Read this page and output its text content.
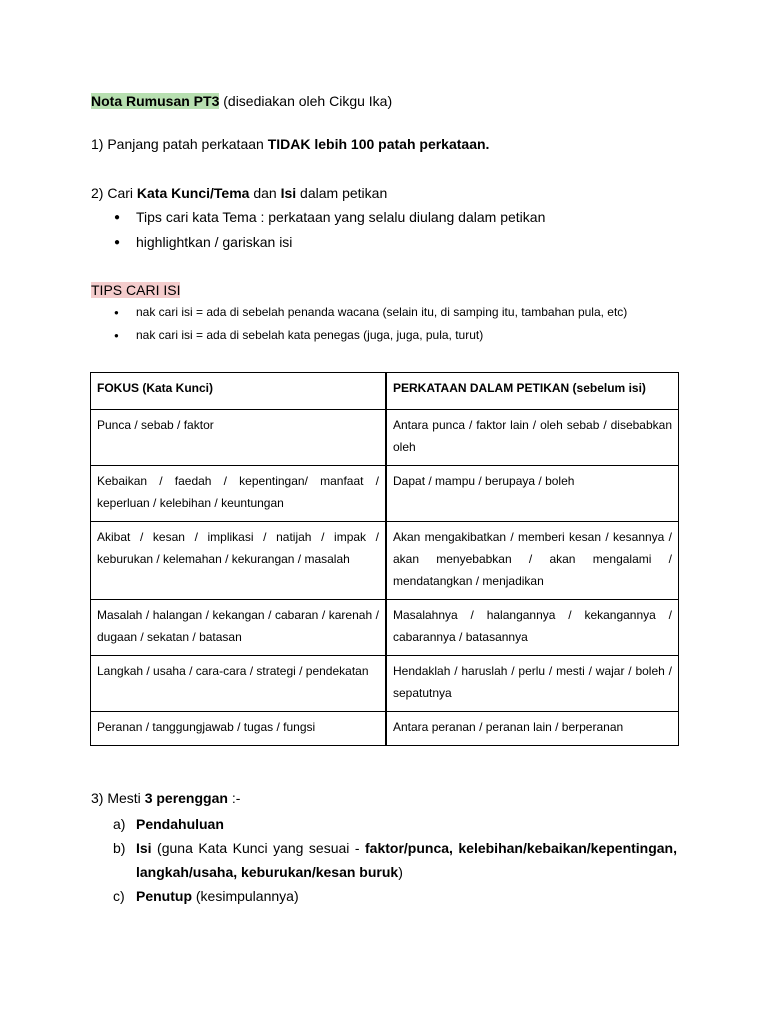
Nota Rumusan PT3 (disediakan oleh Cikgu Ika)

1) Panjang patah perkataan TIDAK lebih 100 patah perkataan.

2) Cari Kata Kunci/Tema dan Isi dalam petikan

● Tips cari kata Tema : perkataan yang selalu diulang dalam petikan
● highlightkan / gariskan isi

TIPS CARI ISI

● nak cari isi = ada di sebelah penanda wacana (selain itu, di samping itu, tambahan pula, etc)
● nak cari isi = ada di sebelah kata penegas (juga, juga, pula, turut)
FOKUS (Kata Kunci)	PERKATAAN DALAM PETIKAN (sebelum isi)
Punca / sebab / faktor	Antara punca / faktor lain / oleh sebab / disebabkan oleh
Kebaikan / faedah / kepentingan/ manfaat / keperluan / kelebihan / keuntungan	Dapat / mampu / berupaya / boleh
Akibat / kesan / implikasi / natijah / impak / keburukan / kelemahan / kekurangan / masalah	Akan mengakibatkan / memberi kesan / kesannya / akan menyebabkan / akan mengalami / mendatangkan / menjadikan
Masalah / halangan / kekangan / cabaran / karenah / dugaan / sekatan / batasan	Masalahnya / halangannya / kekangannya / cabarannya / batasannya
Langkah / usaha / cara-cara / strategi / pendekatan	Hendaklah / haruslah / perlu / mesti / wajar / boleh / sepatutnya
Peranan / tanggungjawab / tugas / fungsi	Antara peranan / peranan lain / berperanan

3) Mesti 3 perenggan :-

a) Pendahuluan
b) Isi (guna Kata Kunci yang sesuai - faktor/punca, kelebihan/kebaikan/kepentingan, langkah/usaha, keburukan/kesan buruk)
c) Penutup (kesimpulannya)
